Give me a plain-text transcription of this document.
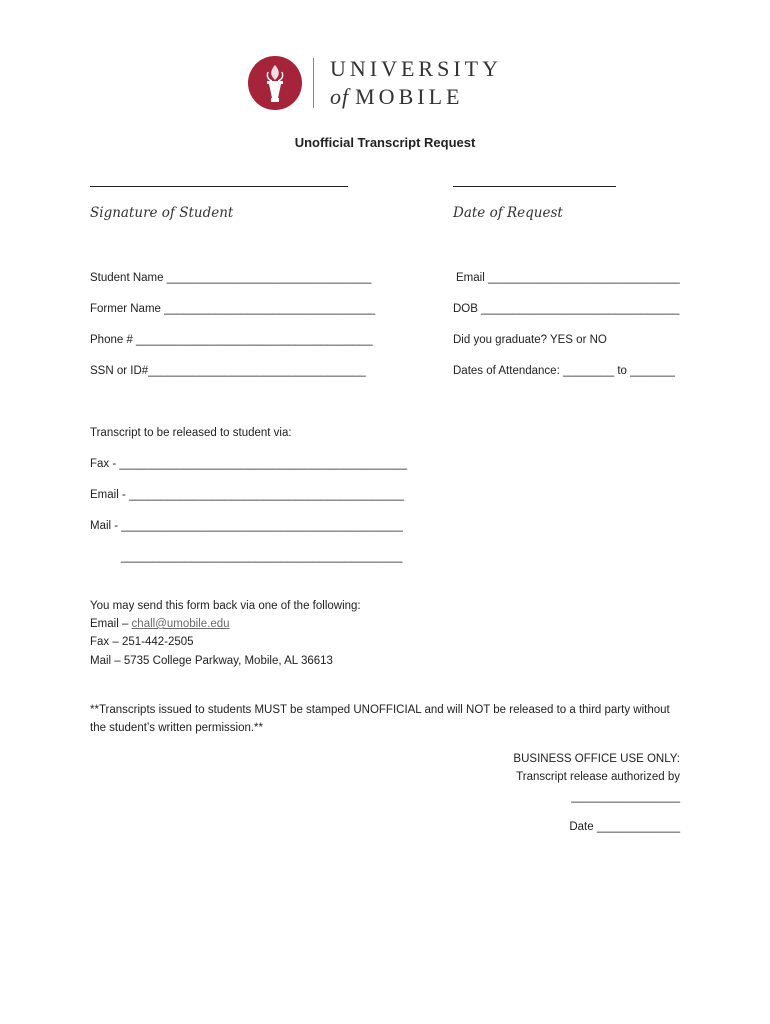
UNIVERSITY
of MOBILE
Unofficial Transcript Request
Signature of Student	Date of Request
Student Name ________________________________	Email ______________________________
Former Name _________________________________	DOB _______________________________
Phone # _____________________________________	Did you graduate? YES or NO
SSN or ID#__________________________________	Dates of Attendance: ________ to _______
Transcript to be released to student via:
Fax - _____________________________________________
Email - ___________________________________________
Mail - ____________________________________________
____________________________________________
You may send this form back via one of the following:
Email – chall@umobile.edu
Fax – 251-442-2505
Mail – 5735 College Parkway, Mobile, AL 36613
**Transcripts issued to students MUST be stamped UNOFFICIAL and will NOT be released to a third party without
the student’s written permission.**
BUSINESS OFFICE USE ONLY:
Transcript release authorized by
_________________
Date _____________
